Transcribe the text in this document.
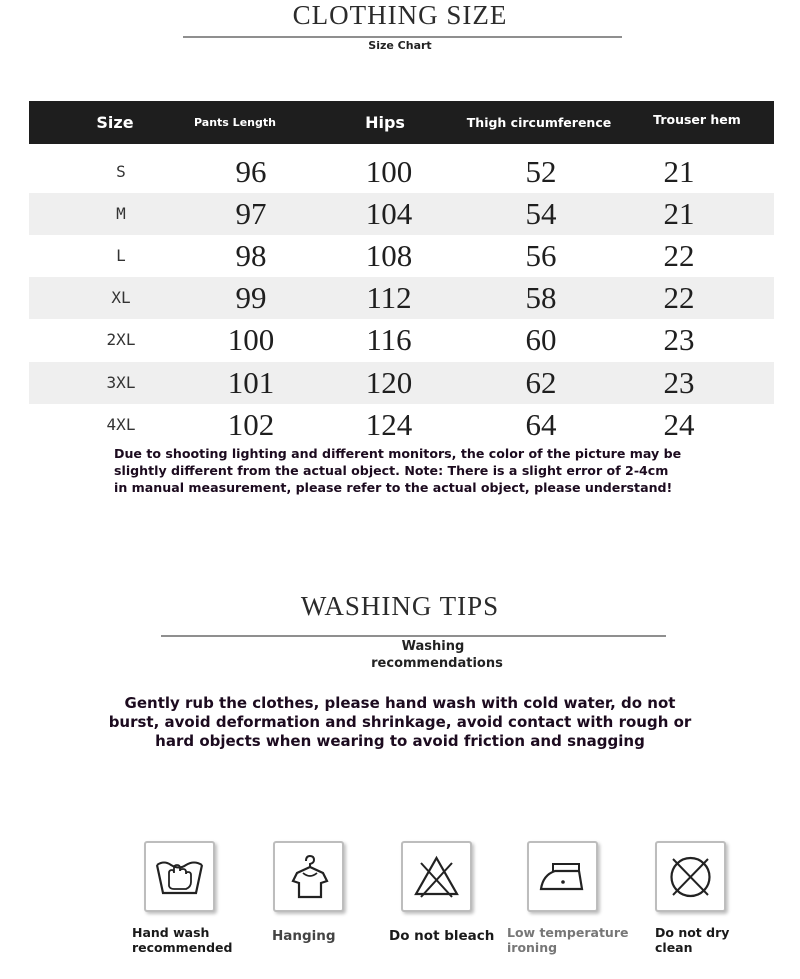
CLOTHING SIZE
Size Chart
Size	Pants Length	Hips	Thigh circumference	Trouser hem
S	96	100	52	21
M	97	104	54	21
L	98	108	56	22
XL	99	112	58	22
2XL	100	116	60	23
3XL	101	120	62	23
4XL	102	124	64	24
Due to shooting lighting and different monitors, the color of the picture may be slightly different from the actual object. Note: There is a slight error of 2-4cm in manual measurement, please refer to the actual object, please understand!
WASHING TIPS
Washing
recommendations
Gently rub the clothes, please hand wash with cold water, do not burst, avoid deformation and shrinkage, avoid contact with rough or hard objects when wearing to avoid friction and snagging
Hand wash
recommended
Hanging	Do not bleach Low temperature
ironing
Do not dry
clean
